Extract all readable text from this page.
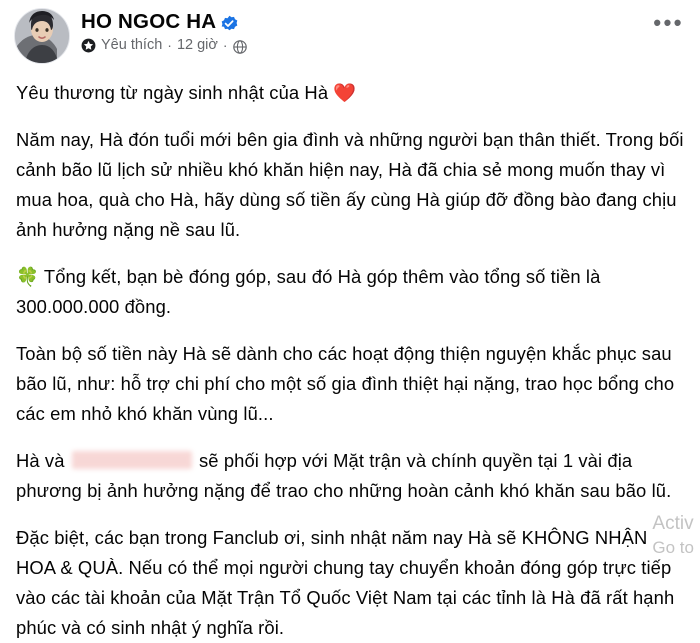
HO NGOC HA
Yêu thích · 12 giờ ·
•••

Yêu thương từ ngày sinh nhật của Hà ❤️

Năm nay, Hà đón tuổi mới bên gia đình và những người bạn thân thiết. Trong bối cảnh bão lũ lịch sử nhiều khó khăn hiện nay, Hà đã chia sẻ mong muốn thay vì mua hoa, quà cho Hà, hãy dùng số tiền ấy cùng Hà giúp đỡ đồng bào đang chịu ảnh hưởng nặng nề sau lũ.

🍀 Tổng kết, bạn bè đóng góp, sau đó Hà góp thêm vào tổng số tiền là 300.000.000 đồng.

Toàn bộ số tiền này Hà sẽ dành cho các hoạt động thiện nguyện khắc phục sau bão lũ, như: hỗ trợ chi phí cho một số gia đình thiệt hại nặng, trao học bổng cho các em nhỏ khó khăn vùng lũ...

Hà và	sẽ phối hợp với Mặt trận và chính quyền tại 1 vài địa phương bị ảnh hưởng nặng để trao cho những hoàn cảnh khó khăn sau bão lũ.

Đặc biệt, các bạn trong Fanclub ơi, sinh nhật năm nay Hà sẽ KHÔNG NHẬN HOA & QUÀ. Nếu có thể mọi người chung tay chuyển khoản đóng góp trực tiếp vào các tài khoản của Mặt Trận Tổ Quốc Việt Nam tại các tỉnh là Hà đã rất hạnh phúc và có sinh nhật ý nghĩa rồi.

Activ
Go to
